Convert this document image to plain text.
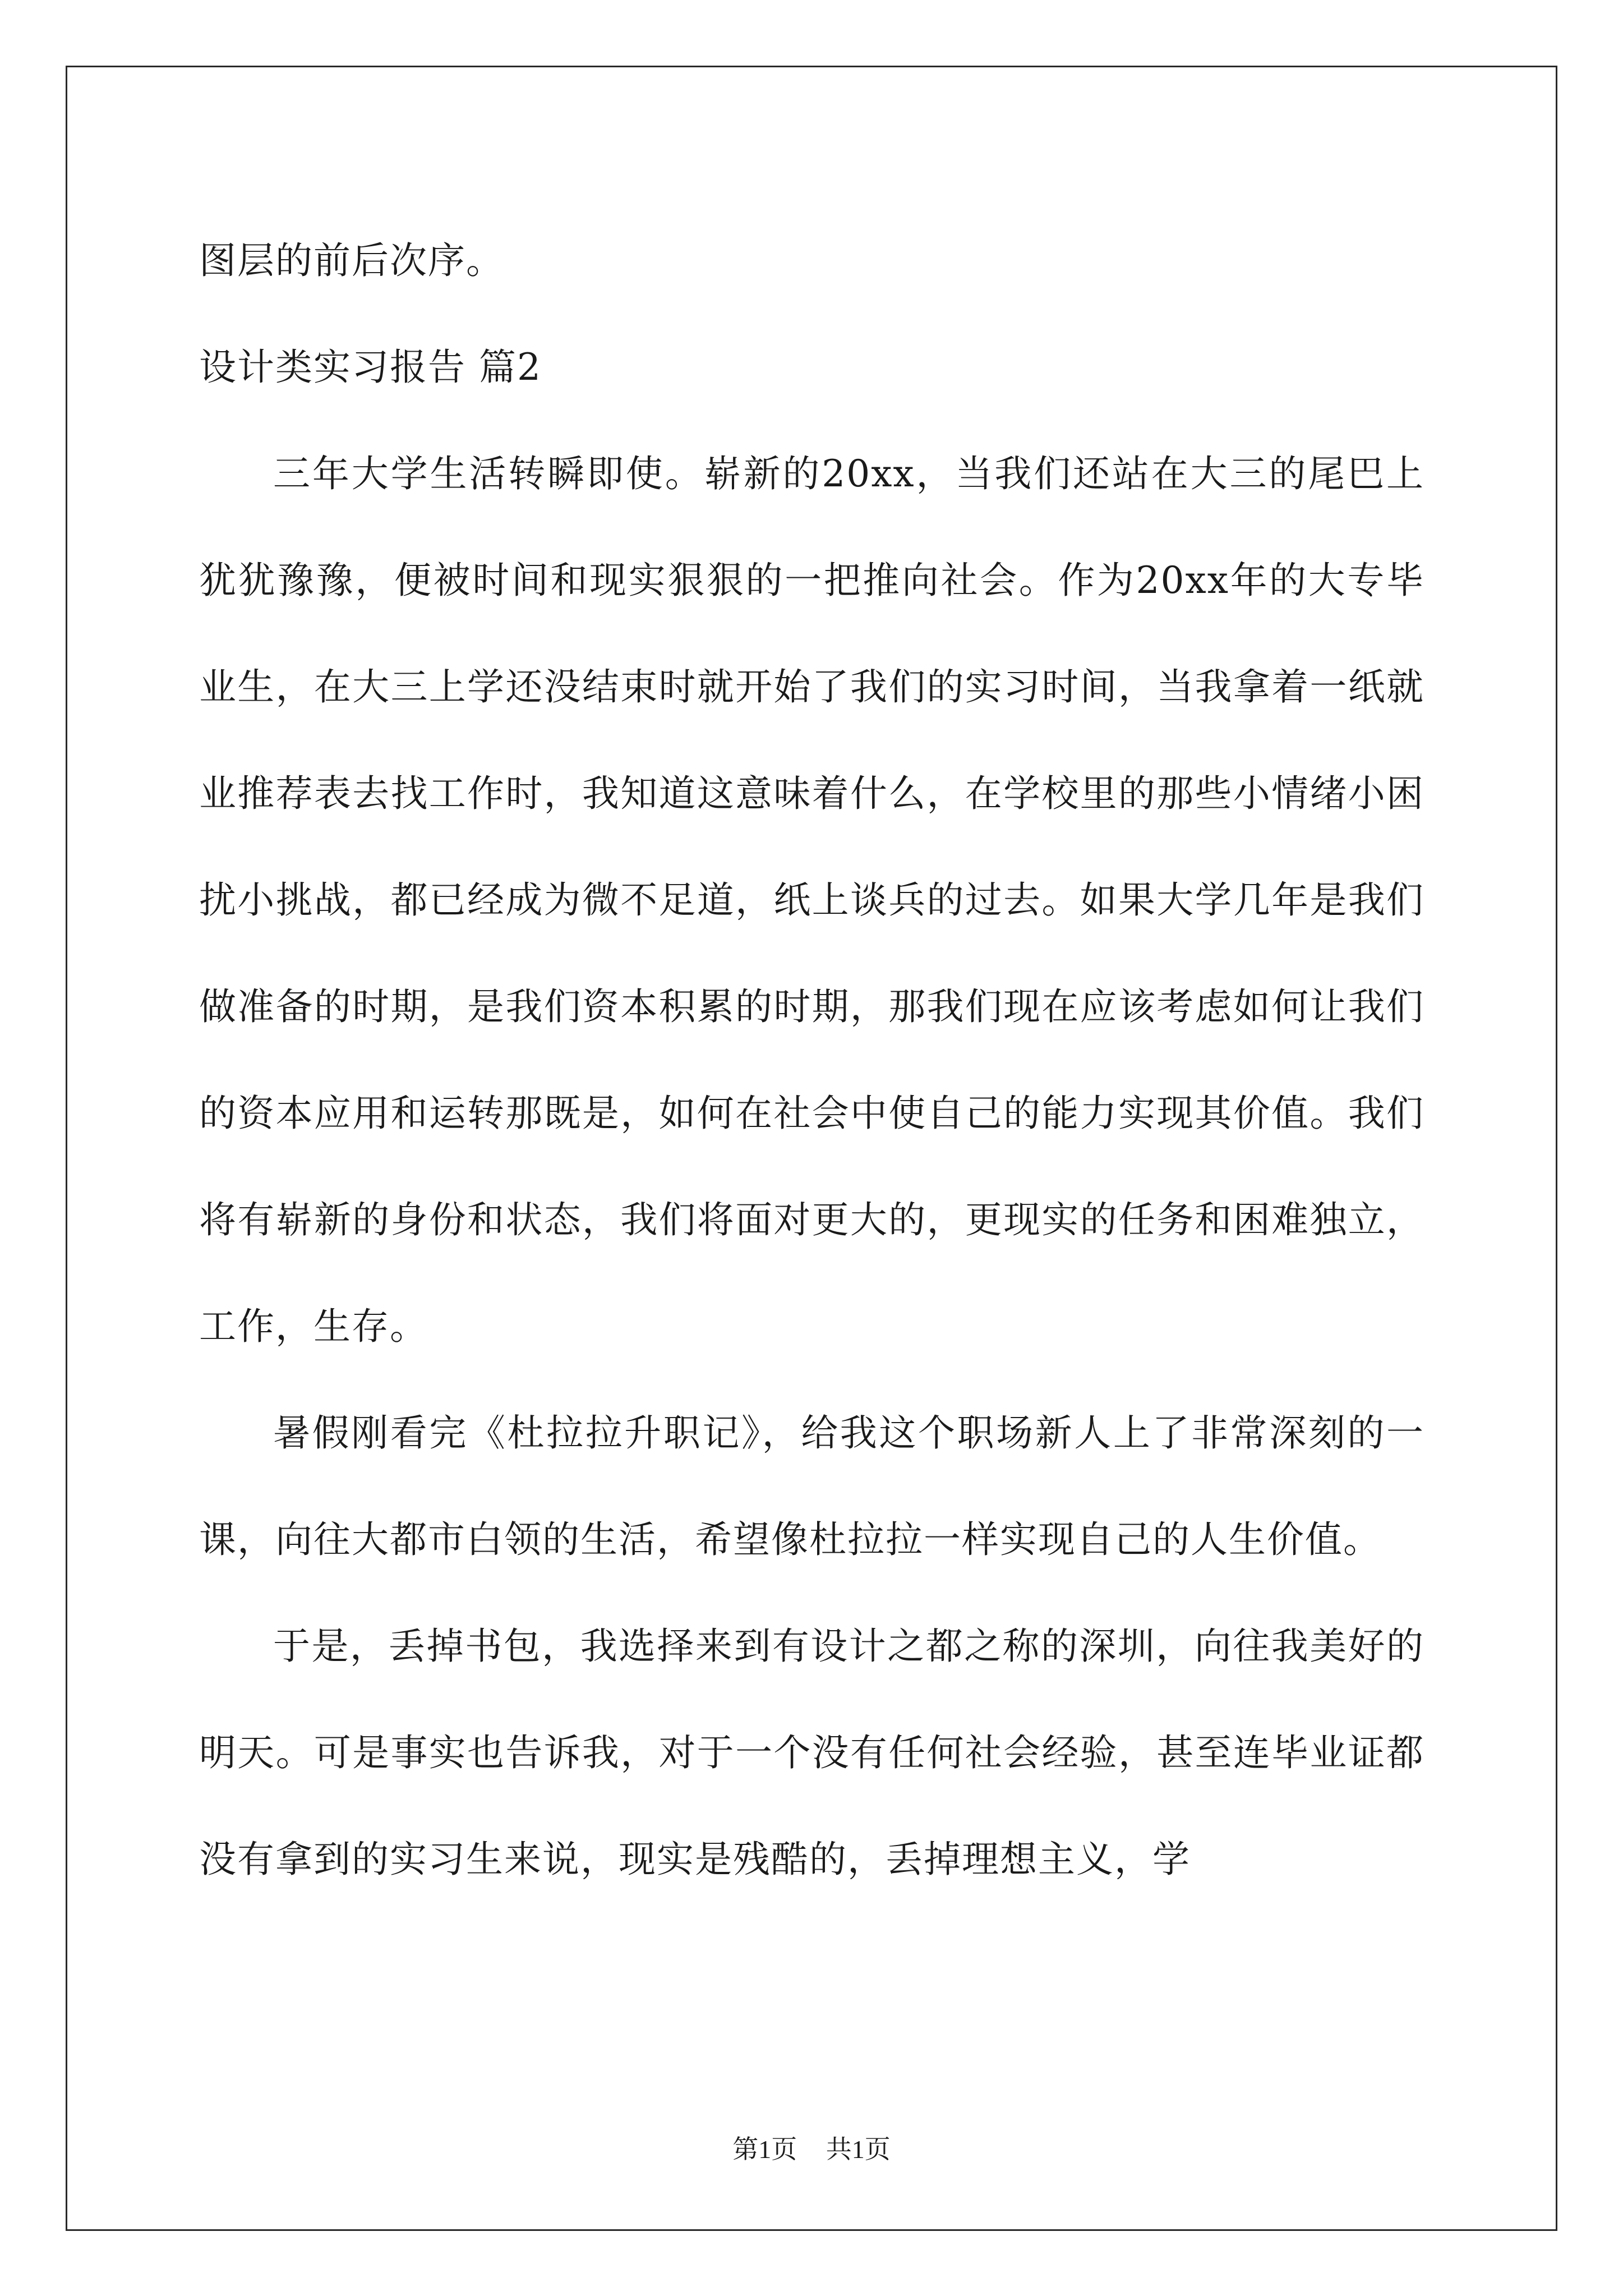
图层的前后次序。
设计类实习报告 篇2

三年大学生活转瞬即使。崭新的20xx，当我们还站在大三的尾巴上犹犹豫豫，便被时间和现实狠狠的一把推向社会。作为20xx年的大专毕业生，在大三上学还没结束时就开始了我们的实习时间，当我拿着一纸就业推荐表去找工作时，我知道这意味着什么，在学校里的那些小情绪小困扰小挑战，都已经成为微不足道，纸上谈兵的过去。如果大学几年是我们做准备的时期，是我们资本积累的时期，那我们现在应该考虑如何让我们的资本应用和运转那既是，如何在社会中使自己的能力实现其价值。我们将有崭新的身份和状态，我们将面对更大的，更现实的任务和困难独立，工作，生存。

暑假刚看完《杜拉拉升职记》，给我这个职场新人上了非常深刻的一课，向往大都市白领的生活，希望像杜拉拉一样实现自己的人生价值。

于是，丢掉书包，我选择来到有设计之都之称的深圳，向往我美好的明天。可是事实也告诉我，对于一个没有任何社会经验，甚至连毕业证都没有拿到的实习生来说，现实是残酷的，丢掉理想主义，学

第1页 共1页
